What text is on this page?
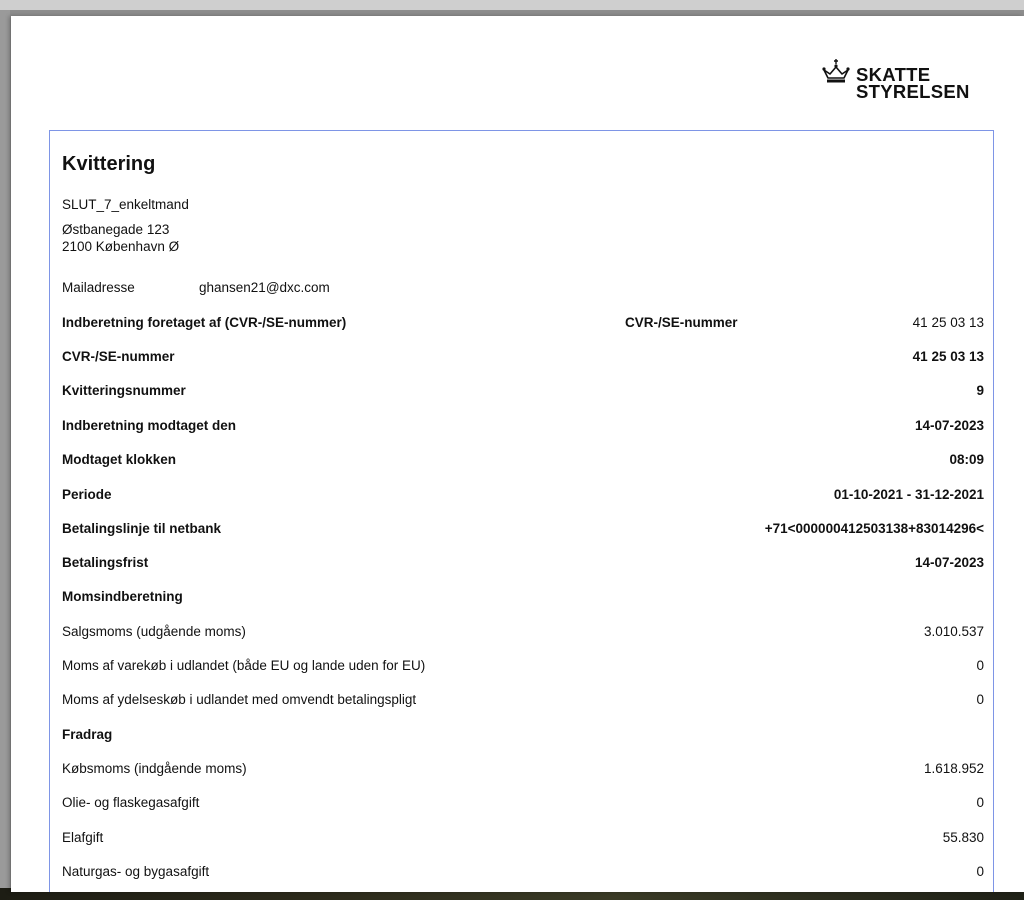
SKATTE
STYRELSEN
Kvittering
SLUT_7_enkeltmand
Østbanegade 123
2100 København Ø
Mailadresse	ghansen21@dxc.com
Indberetning foretaget af (CVR-/SE-nummer)	CVR-/SE-nummer	41 25 03 13
CVR-/SE-nummer	41 25 03 13
Kvitteringsnummer	9
Indberetning modtaget den	14-07-2023
Modtaget klokken	08:09
Periode	01-10-2021 - 31-12-2021
Betalingslinje til netbank	+71<000000412503138+83014296<
Betalingsfrist	14-07-2023
Momsindberetning
Salgsmoms (udgående moms)	3.010.537
Moms af varekøb i udlandet (både EU og lande uden for EU)	0
Moms af ydelseskøb i udlandet med omvendt betalingspligt	0
Fradrag
Købsmoms (indgående moms)	1.618.952
Olie- og flaskegasafgift	0
Elafgift	55.830
Naturgas- og bygasafgift	0
